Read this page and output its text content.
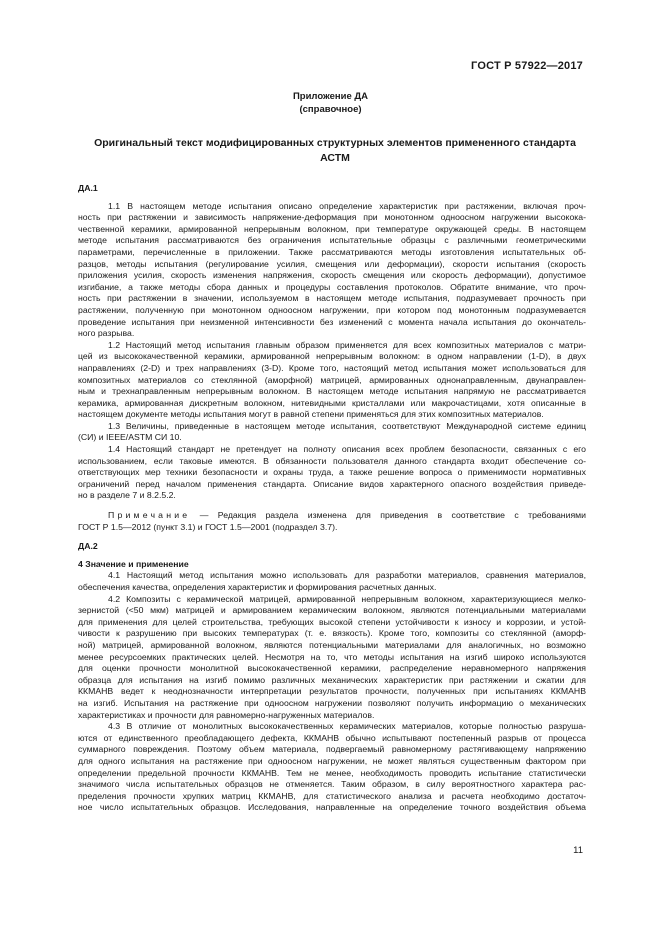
ГОСТ Р 57922—2017
Приложение ДА
(справочное)
Оригинальный текст модифицированных структурных элементов примененного стандарта
АСТМ
ДА.1
1.1 В настоящем методе испытания описано определение характеристик при растяжении, включая проч-
ность при растяжении и зависимость напряжение-деформация при монотонном одноосном нагружении высокока-
чественной керамики, армированной непрерывным волокном, при температуре окружающей среды. В настоящем
методе испытания рассматриваются без ограничения испытательные образцы с различными геометрическими
параметрами, перечисленные в приложении. Также рассматриваются методы изготовления испытательных об-
разцов, методы испытания (регулирование усилия, смещения или деформации), скорости испытания (скорость
приложения усилия, скорость изменения напряжения, скорость смещения или скорость деформации), допустимое
изгибание, а также методы сбора данных и процедуры составления протоколов. Обратите внимание, что проч-
ность при растяжении в значении, используемом в настоящем методе испытания, подразумевает прочность при
растяжении, полученную при монотонном одноосном нагружении, при котором под монотонным подразумевается
проведение испытания при неизменной интенсивности без изменений с момента начала испытания до окончатель-
ного разрыва.
1.2 Настоящий метод испытания главным образом применяется для всех композитных материалов с матри-
цей из высококачественной керамики, армированной непрерывным волокном: в одном направлении (1-D), в двух
направлениях (2-D) и трех направлениях (3-D). Кроме того, настоящий метод испытания может использоваться для
композитных материалов со стеклянной (аморфной) матрицей, армированных однонаправленным, двунаправлен-
ным и трехнаправленным непрерывным волокном. В настоящем методе испытания напрямую не рассматривается
керамика, армированная дискретным волокном, нитевидными кристаллами или макрочастицами, хотя описанные в
настоящем документе методы испытания могут в равной степени применяться для этих композитных материалов.
1.3 Величины, приведенные в настоящем методе испытания, соответствуют Международной системе единиц
(СИ) и IEEE/ASTM СИ 10.
1.4 Настоящий стандарт не претендует на полноту описания всех проблем безопасности, связанных с его
использованием, если таковые имеются. В обязанности пользователя данного стандарта входит обеспечение со-
ответствующих мер техники безопасности и охраны труда, а также решение вопроса о применимости нормативных
ограничений перед началом применения стандарта. Описание видов характерного опасного воздействия приведе-
но в разделе 7 и 8.2.5.2.
Примечание — Редакция раздела изменена для приведения в соответствие с требованиями
ГОСТ Р 1.5—2012 (пункт 3.1) и ГОСТ 1.5—2001 (подраздел 3.7).
ДА.2
4 Значение и применение
4.1 Настоящий метод испытания можно использовать для разработки материалов, сравнения материалов,
обеспечения качества, определения характеристик и формирования расчетных данных.
4.2 Композиты с керамической матрицей, армированной непрерывным волокном, характеризующиеся мелко-
зернистой (<50 мкм) матрицей и армированием керамическим волокном, являются потенциальными материалами
для применения для целей строительства, требующих высокой степени устойчивости к износу и коррозии, и устой-
чивости к разрушению при высоких температурах (т. е. вязкость). Кроме того, композиты со стеклянной (аморф-
ной) матрицей, армированной волокном, являются потенциальными материалами для аналогичных, но возможно
менее ресурсоемких практических целей. Несмотря на то, что методы испытания на изгиб широко используются
для оценки прочности монолитной высококачественной керамики, распределение неравномерного напряжения
образца для испытания на изгиб помимо различных механических характеристик при растяжении и сжатии для
ККМАНВ ведет к неоднозначности интерпретации результатов прочности, полученных при испытаниях ККМАНВ
на изгиб. Испытания на растяжение при одноосном нагружении позволяют получить информацию о механических
характеристиках и прочности для равномерно-нагруженных материалов.
4.3 В отличие от монолитных высококачественных керамических материалов, которые полностью разруша-
ются от единственного преобладающего дефекта, ККМАНВ обычно испытывают постепенный разрыв от процесса
суммарного повреждения. Поэтому объем материала, подвергаемый равномерному растягивающему напряжению
для одного испытания на растяжение при одноосном нагружении, не может являться существенным фактором при
определении предельной прочности ККМАНВ. Тем не менее, необходимость проводить испытание статистически
значимого числа испытательных образцов не отменяется. Таким образом, в силу вероятностного характера рас-
пределения прочности хрупких матриц ККМАНВ, для статистического анализа и расчета необходимо достаточ-
ное число испытательных образцов. Исследования, направленные на определение точного воздействия объема
11
